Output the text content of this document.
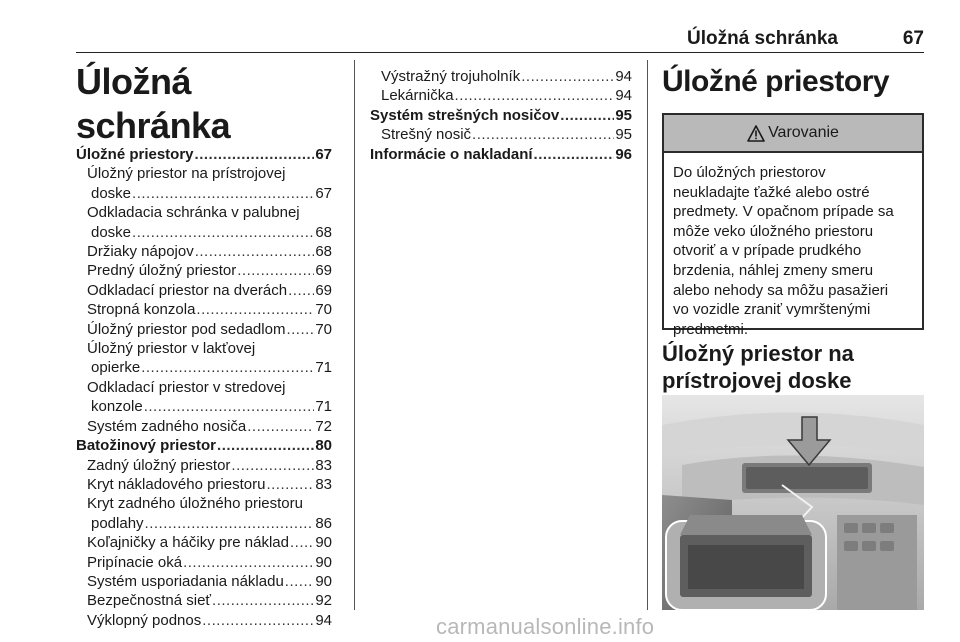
Úložná schránka	67
Úložná schránka
Úložné priestory .....	67
Úložný priestor na prístrojovej
doske .....	67
Odkladacia schránka v palubnej
doske .....	68
Držiaky nápojov .....	68
Predný úložný priestor .....	69
Odkladací priestor na dverách ..... 69
Stropná konzola .....	70
Úložný priestor pod sedadlom ..... 70
Úložný priestor v lakťovej
opierke .....	71
Odkladací priestor v stredovej
konzole .....	71
Systém zadného nosiča .....	72
Batožinový priestor .....	80
Zadný úložný priestor .....	83
Kryt nákladového priestoru .....	83
Kryt zadného úložného priestoru
podlahy .....	86
Koľajničky a háčiky pre náklad ..... 90
Pripínacie oká .....	90
Systém usporiadania nákladu ..... 90
Bezpečnostná sieť .....	92
Výklopný podnos .....	94
Výstražný trojuholník .....	94
Lekárnička .....	94
Systém strešných nosičov .....	95
Strešný nosič .....	95
Informácie o nakladaní .....	96
Úložné priestory
Varovanie
Do úložných priestorov
neukladajte ťažké alebo ostré
predmety. V opačnom prípade sa
môže veko úložného priestoru
otvoriť a v prípade prudkého
brzdenia, náhlej zmeny smeru
alebo nehody sa môžu pasažieri
vo vozidle zraniť vymrštenými
predmetmi.
Úložný priestor na
prístrojovej doske
carmanualsonline.info
